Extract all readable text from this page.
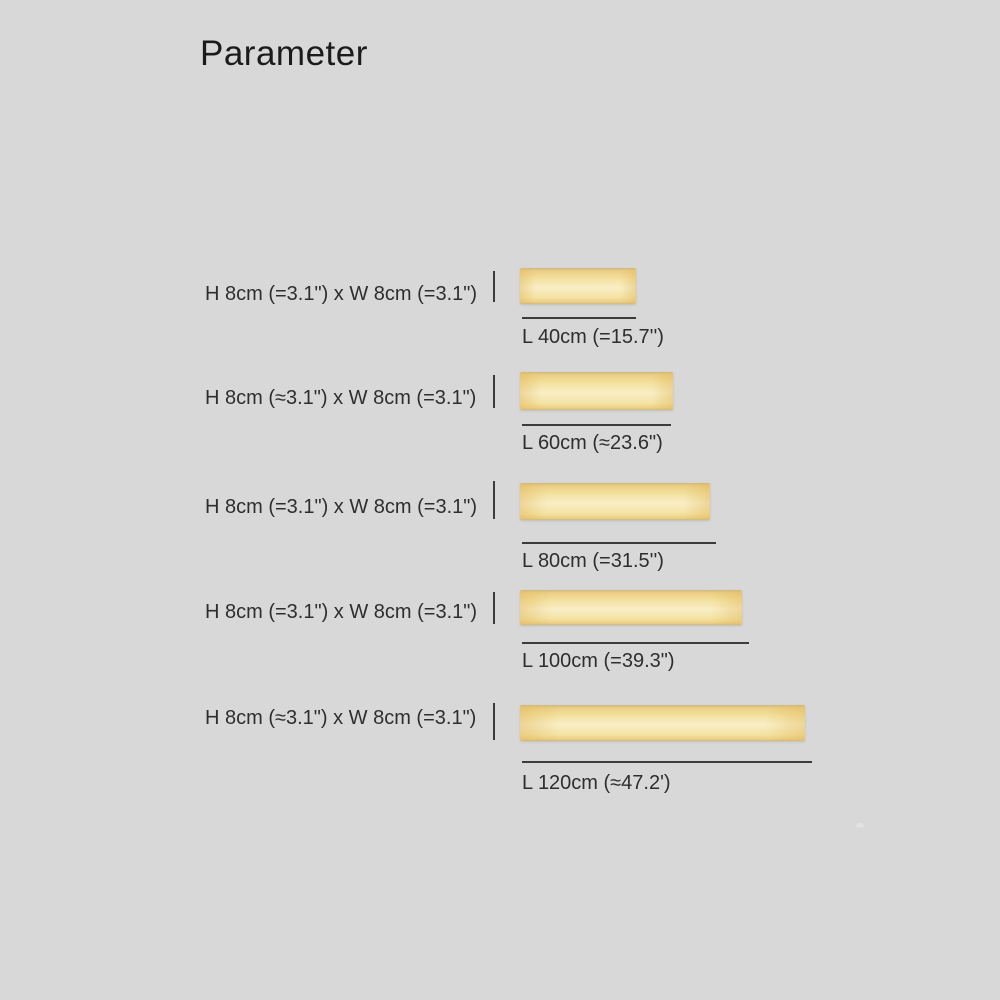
Parameter
H 8cm (=3.1") x W 8cm (=3.1")
L 40cm (=15.7'')
H 8cm (≈3.1") x W 8cm (=3.1")
L 60cm (≈23.6")
H 8cm (=3.1") x W 8cm (=3.1")
L 80cm (=31.5'')
H 8cm (=3.1") x W 8cm (=3.1")
L 100cm (=39.3")
H 8cm (≈3.1") x W 8cm (=3.1")
L 120cm (≈47.2')
